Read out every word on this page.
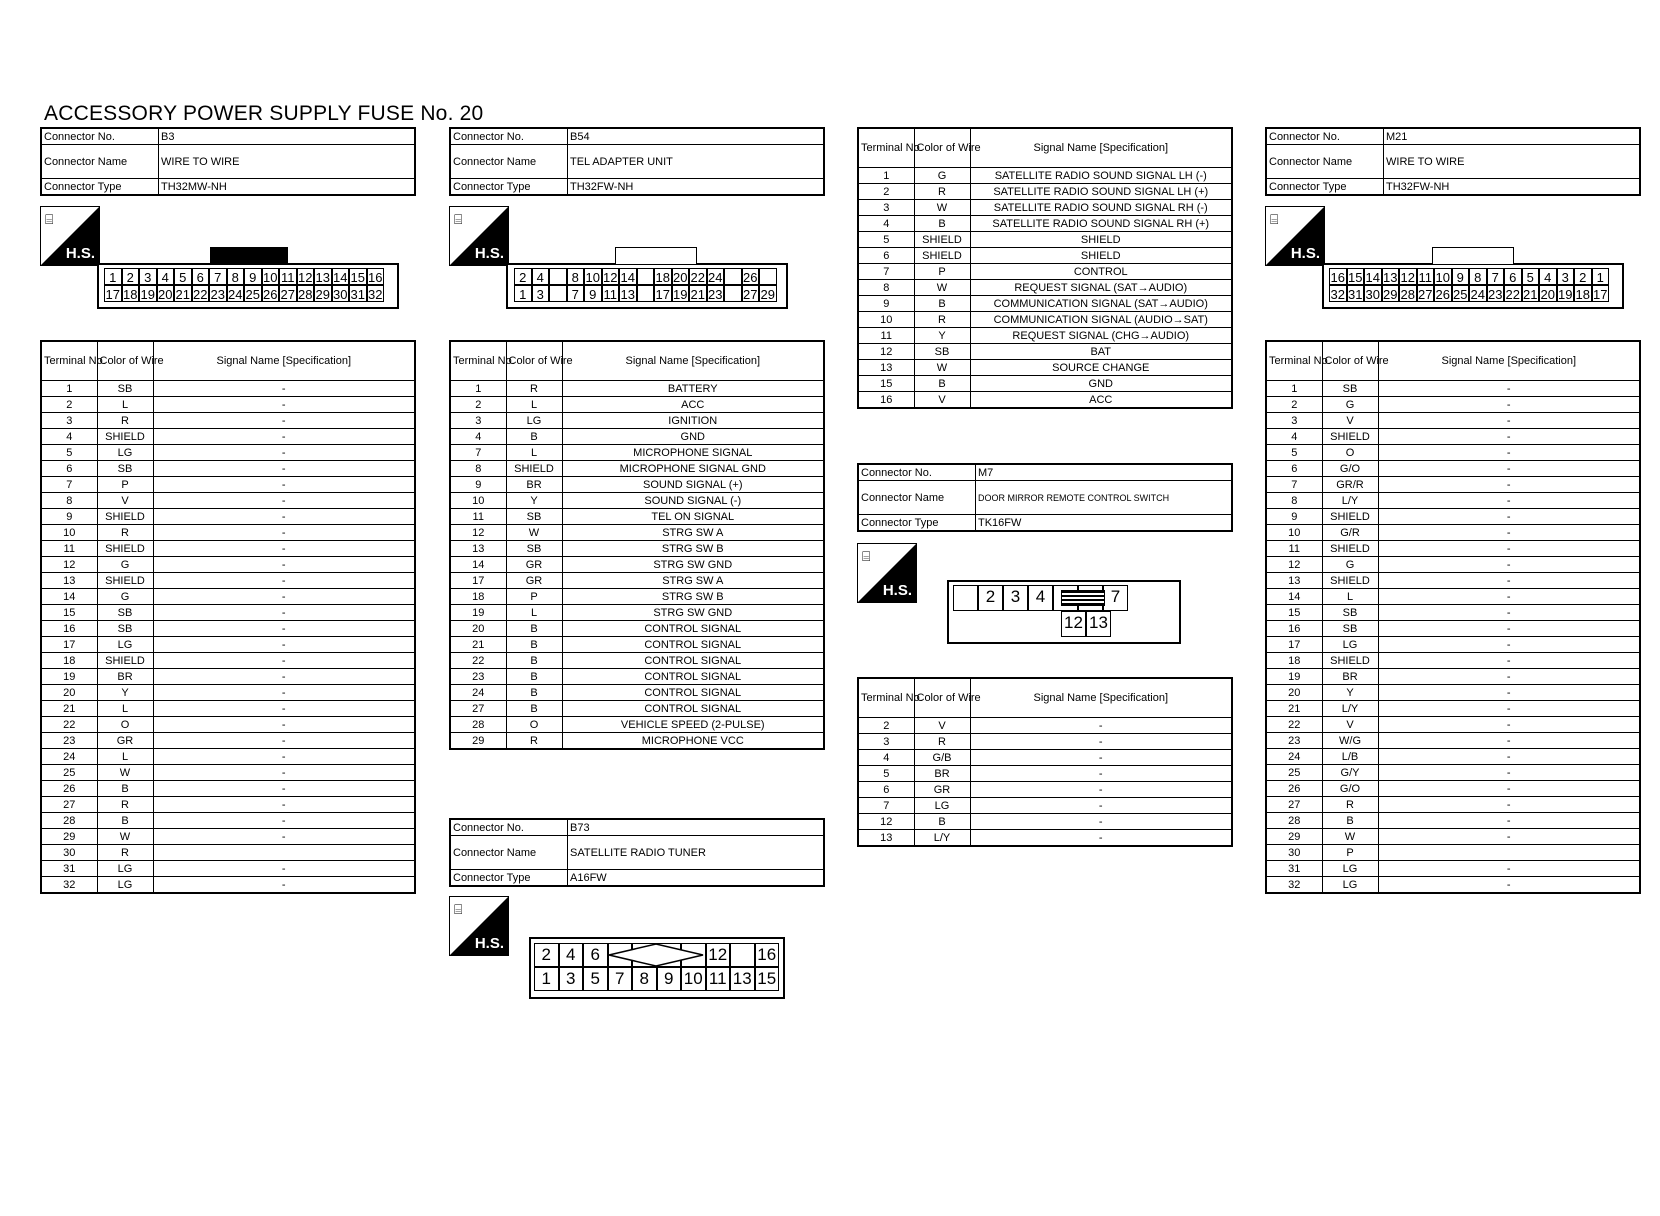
ACCESSORY POWER SUPPLY FUSE No. 20
Connector No.	B3
Connector Name	WIRE TO WIRE
Connector Type	TH32MW-NH
⌸
H.S.
1 2 3 4 5 6 7 8 9 10 11 12 13 14 15 16
17 18 19 20 21 22 23 24 25 26 27 28 29 30 31 32
Terminal No.	Color of Wire	Signal Name [Specification]
1	SB	-
2	L	-
3	R	-
4	SHIELD	-
5	LG	-
6	SB	-
7	P	-
8	V	-
9	SHIELD	-
10	R	-
11	SHIELD	-
12	G	-
13	SHIELD	-
14	G	-
15	SB	-
16	SB	-
17	LG	-
18	SHIELD	-
19	BR	-
20	Y	-
21	L	-
22	O	-
23	GR	-
24	L	-
25	W	-
26	B	-
27	R	-
28	B	-
29	W	-
30	R	
31	LG	-
32	LG	-
Connector No.	B54
Connector Name	TEL ADAPTER UNIT
Connector Type	TH32FW-NH
⌸
H.S.
2 4	8 10 12 14 18 20 22 24 26
1 3	7 9 11 13 17 19 21 23 27 29
Terminal No.	Color of Wire	Signal Name [Specification]
1	R	BATTERY
2	L	ACC
3	LG	IGNITION
4	B	GND
7	L	MICROPHONE SIGNAL
8	SHIELD	MICROPHONE SIGNAL GND
9	BR	SOUND SIGNAL (+)
10	Y	SOUND SIGNAL (-)
11	SB	TEL ON SIGNAL
12	W	STRG SW A
13	SB	STRG SW B
14	GR	STRG SW GND
17	GR	STRG SW A
18	P	STRG SW B
19	L	STRG SW GND
20	B	CONTROL SIGNAL
21	B	CONTROL SIGNAL
22	B	CONTROL SIGNAL
23	B	CONTROL SIGNAL
24	B	CONTROL SIGNAL
27	B	CONTROL SIGNAL
28	O	VEHICLE SPEED (2-PULSE)
29	R	MICROPHONE VCC
Connector No.	B73
Connector Name	SATELLITE RADIO TUNER
Connector Type	A16FW
⌸
H.S.
2 4 6	12 16
1 3 5 7 8 9 10 11 13 15
Terminal No.	Color of Wire	Signal Name [Specification]
1	G	SATELLITE RADIO SOUND SIGNAL LH (-)
2	R	SATELLITE RADIO SOUND SIGNAL LH (+)
3	W	SATELLITE RADIO SOUND SIGNAL RH (-)
4	B	SATELLITE RADIO SOUND SIGNAL RH (+)
5	SHIELD	SHIELD
6	SHIELD	SHIELD
7	P	CONTROL
8	W	REQUEST SIGNAL (SAT→AUDIO)
9	B	COMMUNICATION SIGNAL (SAT→AUDIO)
10	R	COMMUNICATION SIGNAL (AUDIO→SAT)
11	Y	REQUEST SIGNAL (CHG→AUDIO)
12	SB	BAT
13	W	SOURCE CHANGE
15	B	GND
16	V	ACC
Connector No.	M7
Connector Name	DOOR MIRROR REMOTE CONTROL SWITCH
Connector Type	TK16FW
⌸
H.S.	2 3 4	7
12 13
Terminal No.	Color of Wire	Signal Name [Specification]
2	V	-
3	R	-
4	G/B	-
5	BR	-
6	GR	-
7	LG	-
12	B	-
13	L/Y	-
Connector No.	M21
Connector Name	WIRE TO WIRE
Connector Type	TH32FW-NH
⌸
H.S.
16 15 14 13 12 11 10 9 8 7 6 5 4 3 2 1
32 31 30 29 28 27 26 25 24 23 22 21 20 19 18 17
Terminal No.	Color of Wire	Signal Name [Specification]
1	SB	-
2	G	-
3	V	-
4	SHIELD	-
5	O	-
6	G/O	-
7	GR/R	-
8	L/Y	-
9	SHIELD	-
10	G/R	-
11	SHIELD	-
12	G	-
13	SHIELD	-
14	L	-
15	SB	-
16	SB	-
17	LG	-
18	SHIELD	-
19	BR	-
20	Y	-
21	L/Y	-
22	V	-
23	W/G	-
24	L/B	-
25	G/Y	-
26	G/O	-
27	R	-
28	B	-
29	W	-
30	P	
31	LG	-
32	LG	-
